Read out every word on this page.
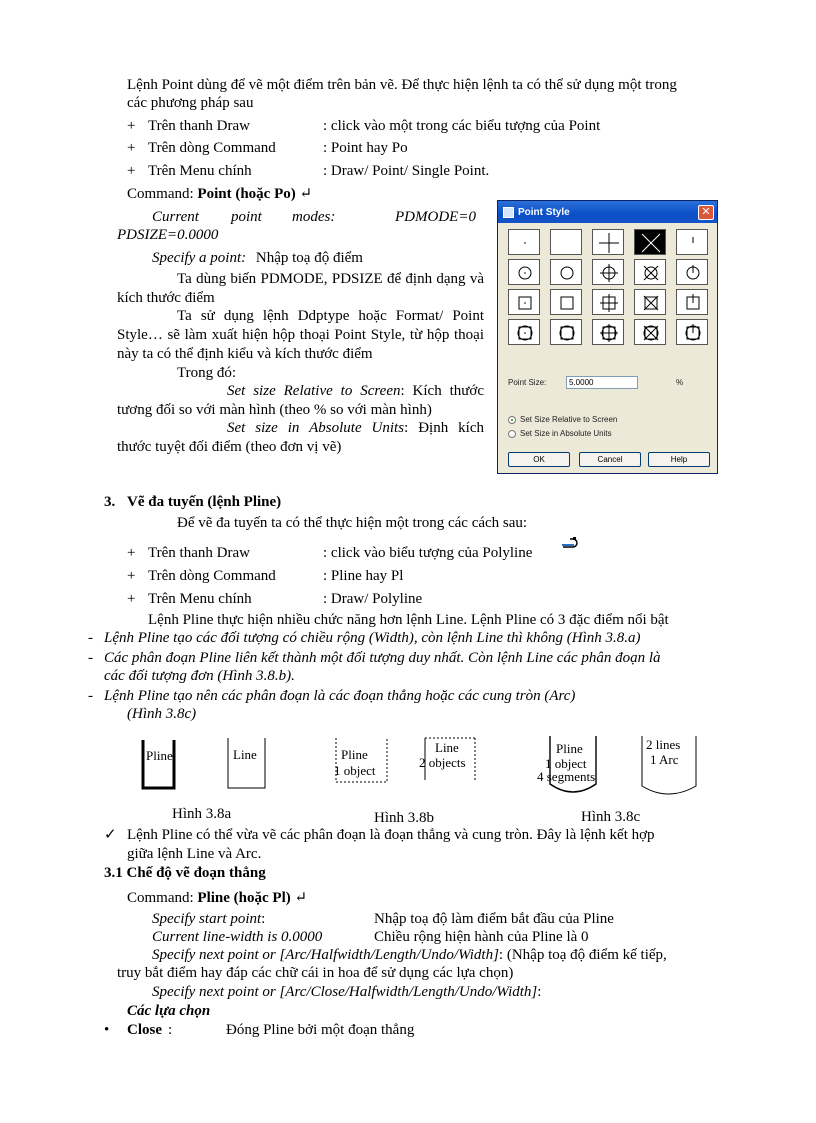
Lệnh Point dùng để vẽ một điểm trên bản vẽ. Để thực hiện lệnh ta có thể sử dụng một trong
các phương pháp sau
+ Trên thanh Draw	: click vào một trong các biểu tượng của Point
+ Trên dòng Command	: Point hay Po
+ Trên Menu chính	: Draw/ Point/ Single Point.
Command: Point (hoặc Po) ↵
Current point modes:	PDMODE=0
PDSIZE=0.0000
Specify a point: Nhập toạ độ điểm
Ta dùng biến PDMODE, PDSIZE để định dạng và kích thước điểm
Ta sử dụng lệnh Ddptype hoặc Format/ Point Style… sẽ làm xuất hiện hộp thoại Point Style, từ hộp thoại này ta có thể định kiểu và kích thước điểm
Trong đó:
Set size Relative to Screen: Kích thước tương đối so với màn hình (theo % so với màn hình)
Set size in Absolute Units: Định kích thước tuyệt đối điểm (theo đơn vị vẽ)
Point Style	✕
Point Size:	5.0000	%
Set Size Relative to Screen
Set Size in Absolute Units
OK	Cancel	Help
3. Vẽ đa tuyến (lệnh Pline)
Để vẽ đa tuyến ta có thể thực hiện một trong các cách sau:
+ Trên thanh Draw	: click vào biểu tượng của Polyline
+ Trên dòng Command	: Pline hay Pl
+ Trên Menu chính	: Draw/ Polyline
Lệnh Pline thực hiện nhiều chức năng hơn lệnh Line. Lệnh Pline có 3 đặc điểm nổi bật
- Lệnh Pline tạo các đối tượng có chiều rộng (Width), còn lệnh Line thì không (Hình 3.8.a)
- Các phân đoạn Pline liên kết thành một đối tượng duy nhất. Còn lệnh Line các phân đoạn là
các đối tượng đơn (Hình 3.8.b).
- Lệnh Pline tạo nên các phân đoạn là các đoạn thẳng hoặc các cung tròn (Arc)
(Hình 3.8c)
Pline	Line	Pline
1 object
Line
2 objects
Pline
1 object
4 segments
2 lines
1 Arc
Hình 3.8a	Hình 3.8b	Hình 3.8c
✓ Lệnh Pline có thể vừa vẽ các phân đoạn là đoạn thẳng và cung tròn. Đây là lệnh kết hợp
giữa lệnh Line và Arc.
3.1 Chế độ vẽ đoạn thẳng
Command: Pline (hoặc Pl) ↵
Specify start point:	Nhập toạ độ làm điểm bắt đầu của Pline
Current line-width is 0.0000	Chiều rộng hiện hành của Pline là 0
Specify next point or [Arc/Halfwidth/Length/Undo/Width]: (Nhập toạ độ điểm kế tiếp,
truy bắt điểm hay đáp các chữ cái in hoa để sử dụng các lựa chọn)
Specify next point or [Arc/Close/Halfwidth/Length/Undo/Width]:
Các lựa chọn
• Close :	Đóng Pline bởi một đoạn thẳng
